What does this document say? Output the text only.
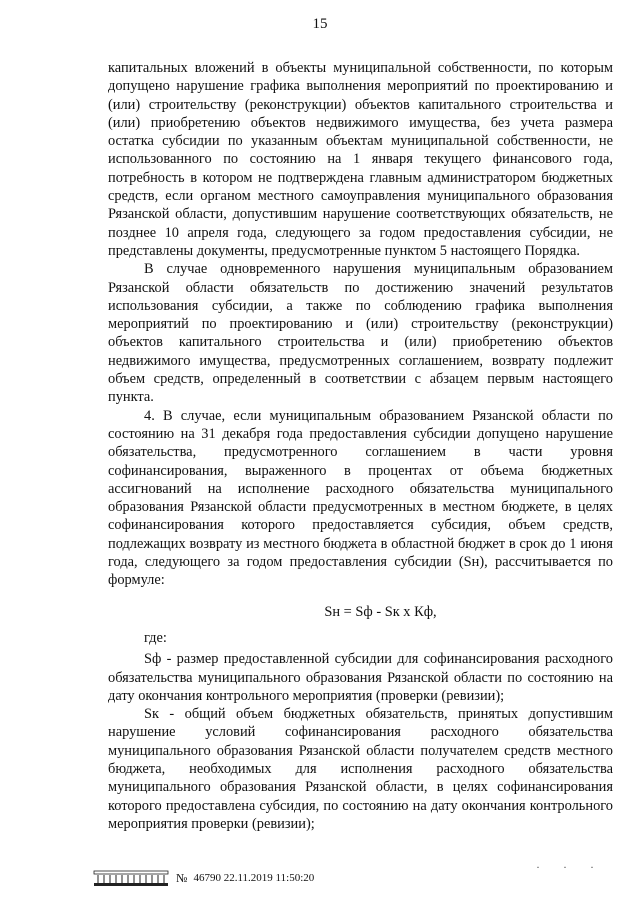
15

капитальных вложений в объекты муниципальной собственности, по которым допущено нарушение графика выполнения мероприятий по проектированию и (или) строительству (реконструкции) объектов капитального строительства и (или) приобретению объектов недвижимого имущества, без учета размера остатка субсидии по указанным объектам муниципальной собственности, не использованного по состоянию на 1 января текущего финансового года, потребность в котором не подтверждена главным администратором бюджетных средств, если органом местного самоуправления муниципального образования Рязанской области, допустившим нарушение соответствующих обязательств, не позднее 10 апреля года, следующего за годом предоставления субсидии, не представлены документы, предусмотренные пунктом 5 настоящего Порядка.

В случае одновременного нарушения муниципальным образованием Рязанской области обязательств по достижению значений результатов использования субсидии, а также по соблюдению графика выполнения мероприятий по проектированию и (или) строительству (реконструкции) объектов капитального строительства и (или) приобретению объектов недвижимого имущества, предусмотренных соглашением, возврату подлежит объем средств, определенный в соответствии с абзацем первым настоящего пункта.

4. В случае, если муниципальным образованием Рязанской области по состоянию на 31 декабря года предоставления субсидии допущено нарушение обязательства, предусмотренного соглашением в части уровня софинансирования, выраженного в процентах от объема бюджетных ассигнований на исполнение расходного обязательства муниципального образования Рязанской области предусмотренных в местном бюджете, в целях софинансирования которого предоставляется субсидия, объем средств, подлежащих возврату из местного бюджета в областной бюджет в срок до 1 июня года, следующего за годом предоставления субсидии (Sн), рассчитывается по формуле:

Sн = Sф - Sк х Кф,

где:

Sф - размер предоставленной субсидии для софинансирования расходного обязательства муниципального образования Рязанской области по состоянию на дату окончания контрольного мероприятия (проверки (ревизии);

Sк - общий объем бюджетных обязательств, принятых допустившим нарушение условий софинансирования расходного обязательства муниципального образования Рязанской области получателем средств местного бюджета, необходимых для исполнения расходного обязательства муниципального образования Рязанской области, в целях софинансирования которого предоставлена субсидия, по состоянию на дату окончания контрольного мероприятия проверки (ревизии);

№ 46790 22.11.2019 11:50:20
· · ·
